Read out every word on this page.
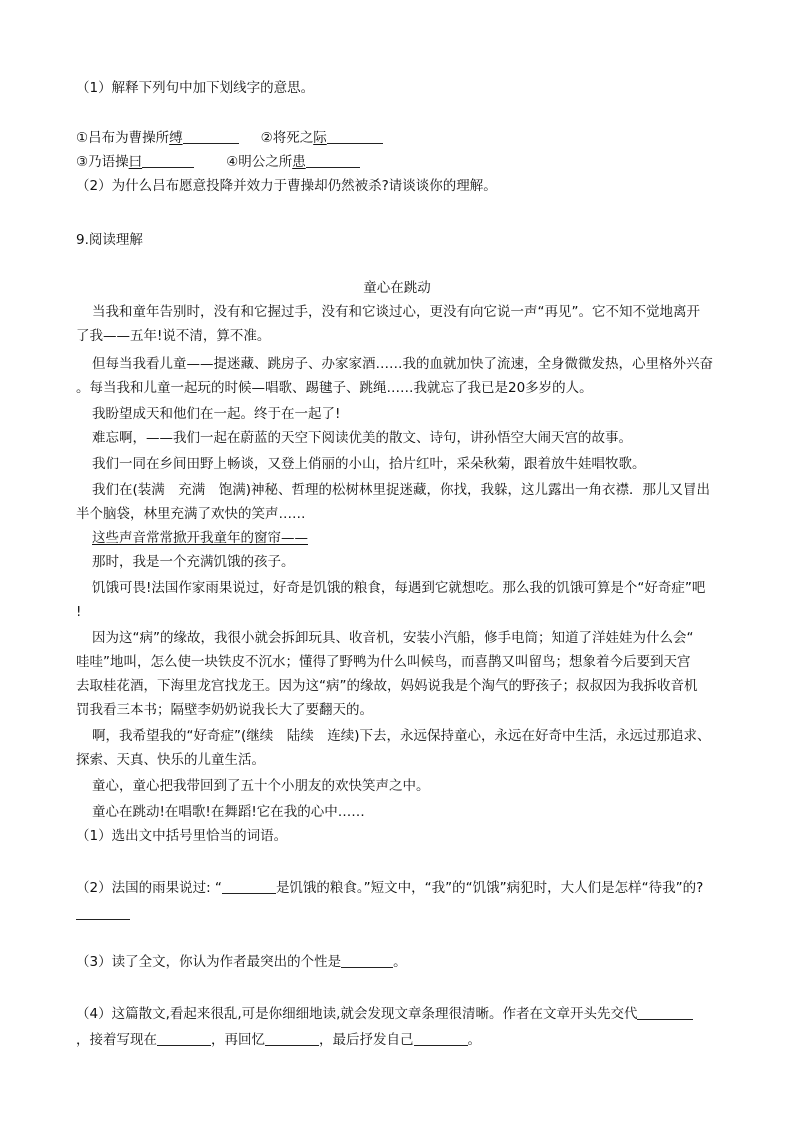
（1）解释下列句中加下划线字的意思。
①吕布为曹操所缚	②将死之际
③乃语操曰	④明公之所患
（2）为什么吕布愿意投降并效力于曹操却仍然被杀?请谈谈你的理解。
9.阅读理解
童心在跳动
当我和童年告别时，没有和它握过手，没有和它谈过心，更没有向它说一声“再见”。它不知不觉地离开
了我——五年!说不清，算不准。
但每当我看儿童——提迷藏、跳房子、办家家酒……我的血就加快了流速，全身微微发热，心里格外兴奋
。每当我和儿童一起玩的时候—唱歌、踢毽子、跳绳……我就忘了我已是20多岁的人。
我盼望成天和他们在一起。终于在一起了!
难忘啊，——我们一起在蔚蓝的天空下阅读优美的散文、诗句，讲孙悟空大闹天宫的故事。
我们一同在乡间田野上畅谈，又登上俏丽的小山，拾片红叶，采朵秋菊，跟着放牛娃唱牧歌。
我们在(装满　充满　饱满)神秘、哲理的松树林里捉迷藏，你找，我躲，这儿露出一角衣襟．那儿又冒出
半个脑袋，林里充满了欢快的笑声……
这些声音常常掀开我童年的窗帘——
那时，我是一个充满饥饿的孩子。
饥饿可畏!法国作家雨果说过，好奇是饥饿的粮食，每遇到它就想吃。那么我的饥饿可算是个“好奇症”吧
!
因为这“病”的缘故，我很小就会拆卸玩具、收音机，安装小汽船，修手电筒；知道了洋娃娃为什么会“
哇哇”地叫，怎么使一块铁皮不沉水；懂得了野鸭为什么叫候鸟，而喜鹊又叫留鸟；想象着今后要到天宫
去取桂花酒，下海里龙宫找龙王。因为这“病”的缘故，妈妈说我是个淘气的野孩子；叔叔因为我拆收音机
罚我看三本书；隔壁李奶奶说我长大了要翻天的。
啊，我希望我的“好奇症”(继续　陆续　连续)下去，永远保持童心，永远在好奇中生活，永远过那追求、
探索、天真、快乐的儿童生活。
童心，童心把我带回到了五十个小朋友的欢快笑声之中。
童心在跳动!在唱歌!在舞蹈!它在我的心中……
（1）选出文中括号里恰当的词语。
（2）法国的雨果说过: “	是饥饿的粮食。”短文中，“我”的“饥饿”病犯时，大人们是怎样“待我”的?
（3）读了全文，你认为作者最突出的个性是	。
（4）这篇散文,看起来很乱,可是你细细地读,就会发现文章条理很清晰。作者在文章开头先交代
，接着写现在	，再回忆	，最后抒发自己	。
